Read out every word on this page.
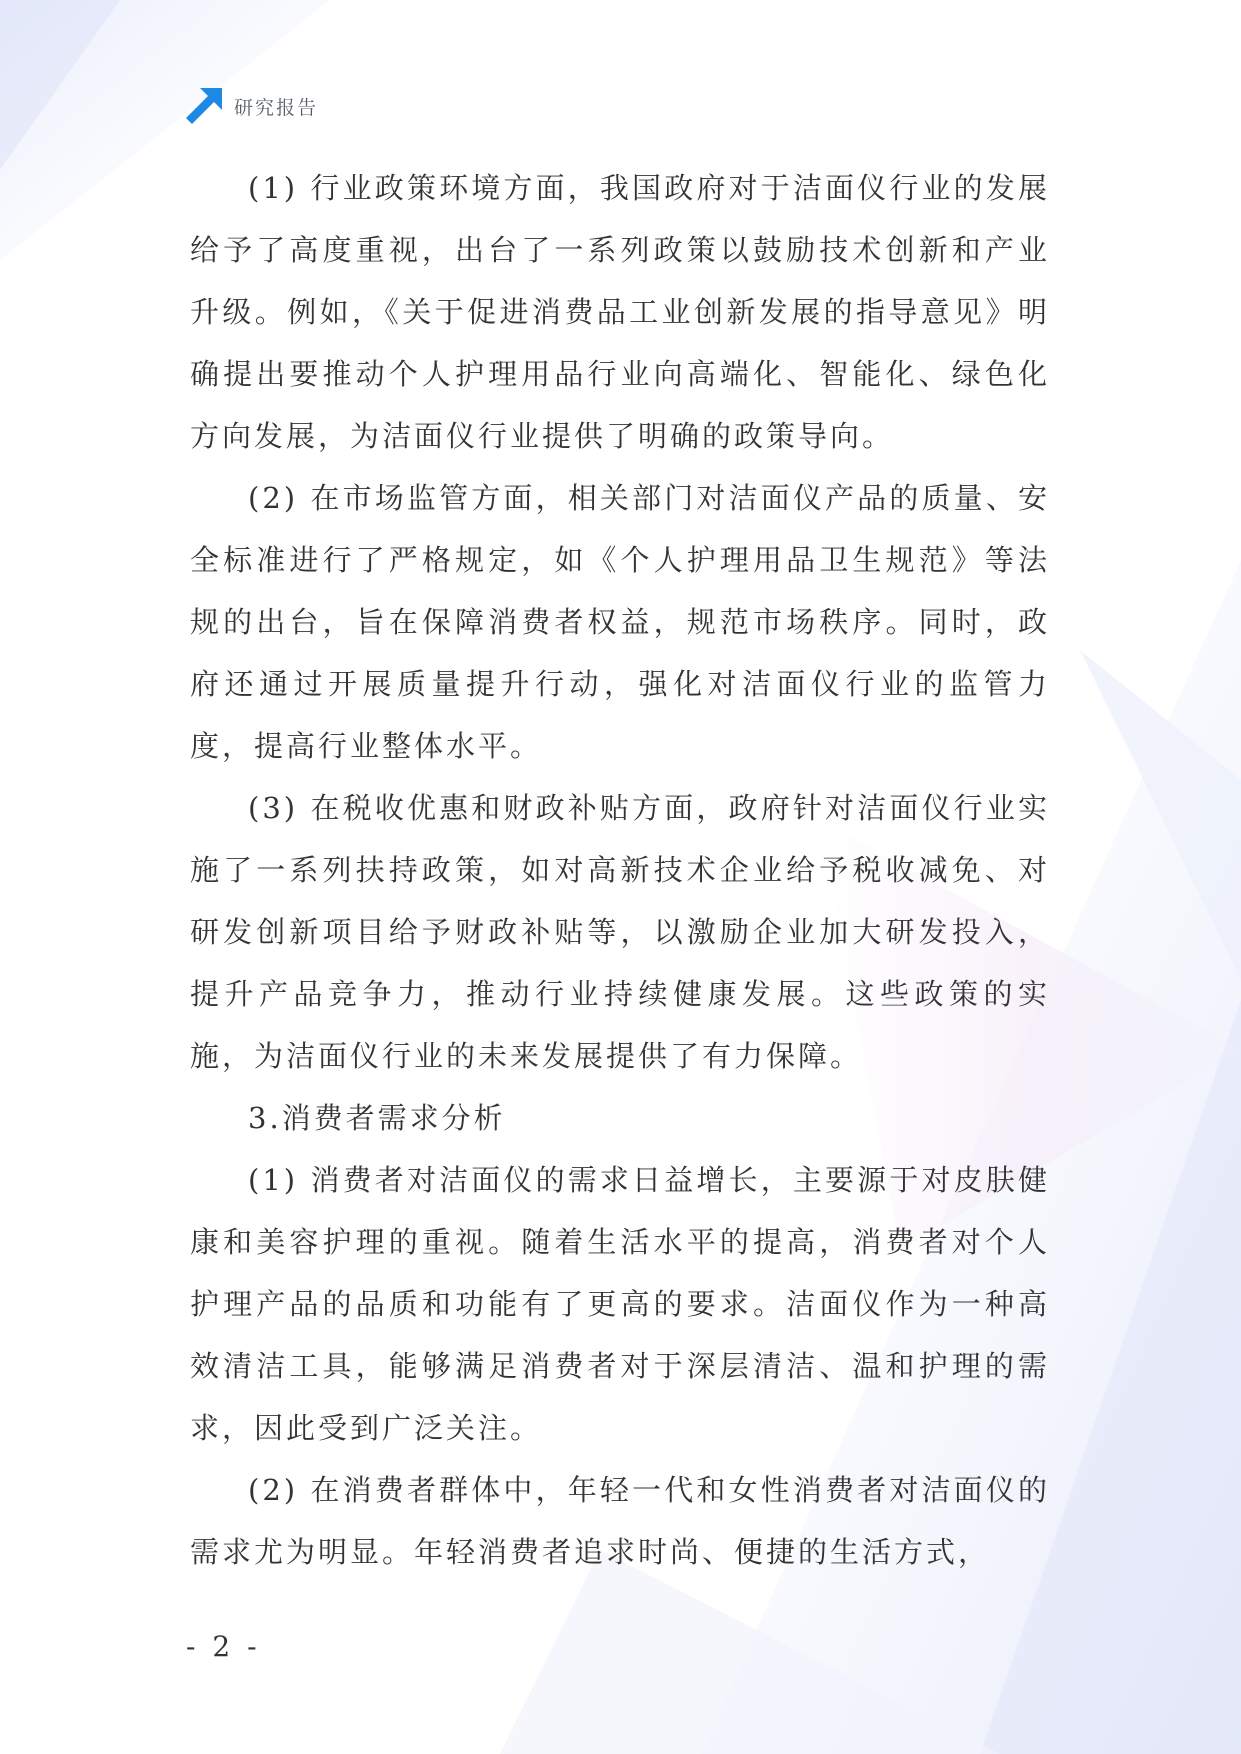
研究报告

(1) 行业政策环境方面，我国政府对于洁面仪行业的发展给予了高度重视，出台了一系列政策以鼓励技术创新和产业升级。例如，《关于促进消费品工业创新发展的指导意见》明确提出要推动个人护理用品行业向高端化、智能化、绿色化方向发展，为洁面仪行业提供了明确的政策导向。

(2) 在市场监管方面，相关部门对洁面仪产品的质量、安全标准进行了严格规定，如《个人护理用品卫生规范》等法规的出台，旨在保障消费者权益，规范市场秩序。同时，政府还通过开展质量提升行动，强化对洁面仪行业的监管力度，提高行业整体水平。

(3) 在税收优惠和财政补贴方面，政府针对洁面仪行业实施了一系列扶持政策，如对高新技术企业给予税收减免、对研发创新项目给予财政补贴等，以激励企业加大研发投入，提升产品竞争力，推动行业持续健康发展。这些政策的实施，为洁面仪行业的未来发展提供了有力保障。

3.消费者需求分析

(1) 消费者对洁面仪的需求日益增长，主要源于对皮肤健康和美容护理的重视。随着生活水平的提高，消费者对个人护理产品的品质和功能有了更高的要求。洁面仪作为一种高效清洁工具，能够满足消费者对于深层清洁、温和护理的需求，因此受到广泛关注。

(2) 在消费者群体中，年轻一代和女性消费者对洁面仪的需求尤为明显。年轻消费者追求时尚、便捷的生活方式，

- 2 -
